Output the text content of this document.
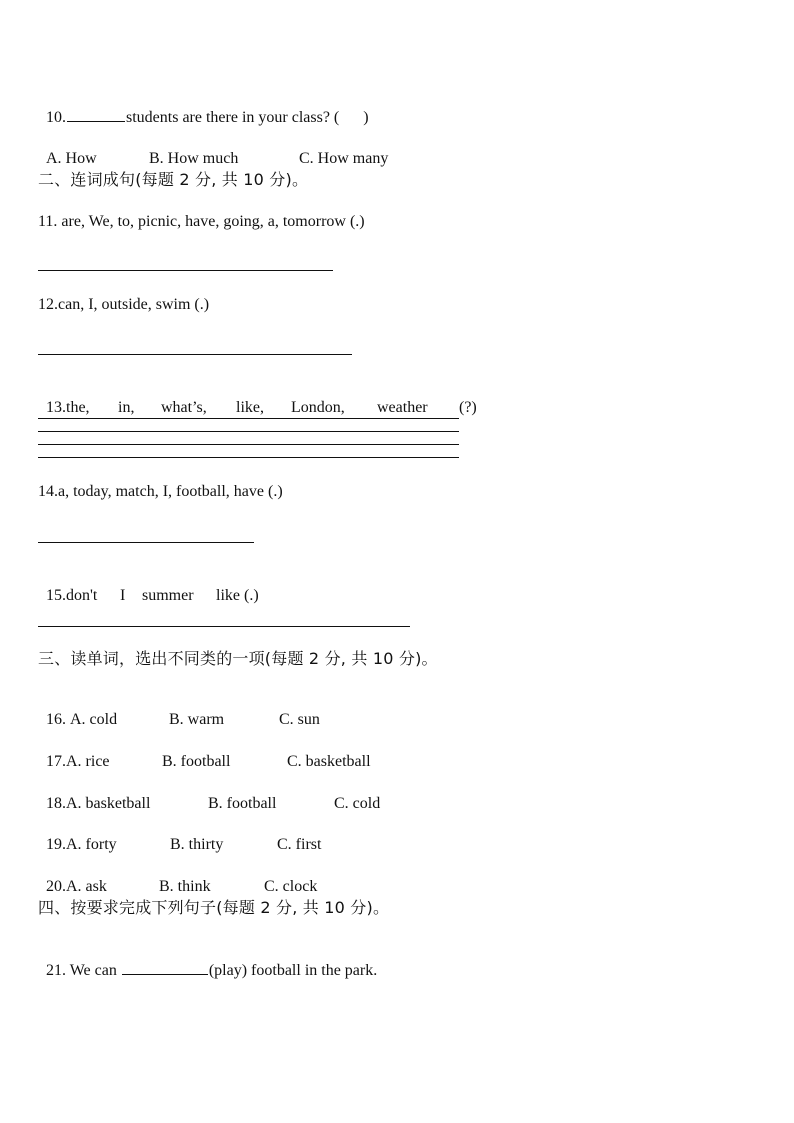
10.	students are there in your class? (      )

A. How	B. How much	C. How many

二、连词成句(每题 2 分, 共 10 分)。
11. are, We, to, picnic, have, going, a, tomorrow (.)
12.can, I, outside, swim (.)

13.the, in, what’s, like, London, weather (?)

14.a, today, match, I, football, have (.)

15.don't I summer like (.)

三、读单词，选出不同类的一项(每题 2 分, 共 10 分)。

16. A. cold	B. warm	C. sun

17.A. rice	B. football	C. basketball

18.A. basketball	B. football	C. cold

19.A. forty	B. thirty	C. first

20.A. ask	B. think	C. clock

四、按要求完成下列句子(每题 2 分, 共 10 分)。

21. We can	(play) football in the park.
